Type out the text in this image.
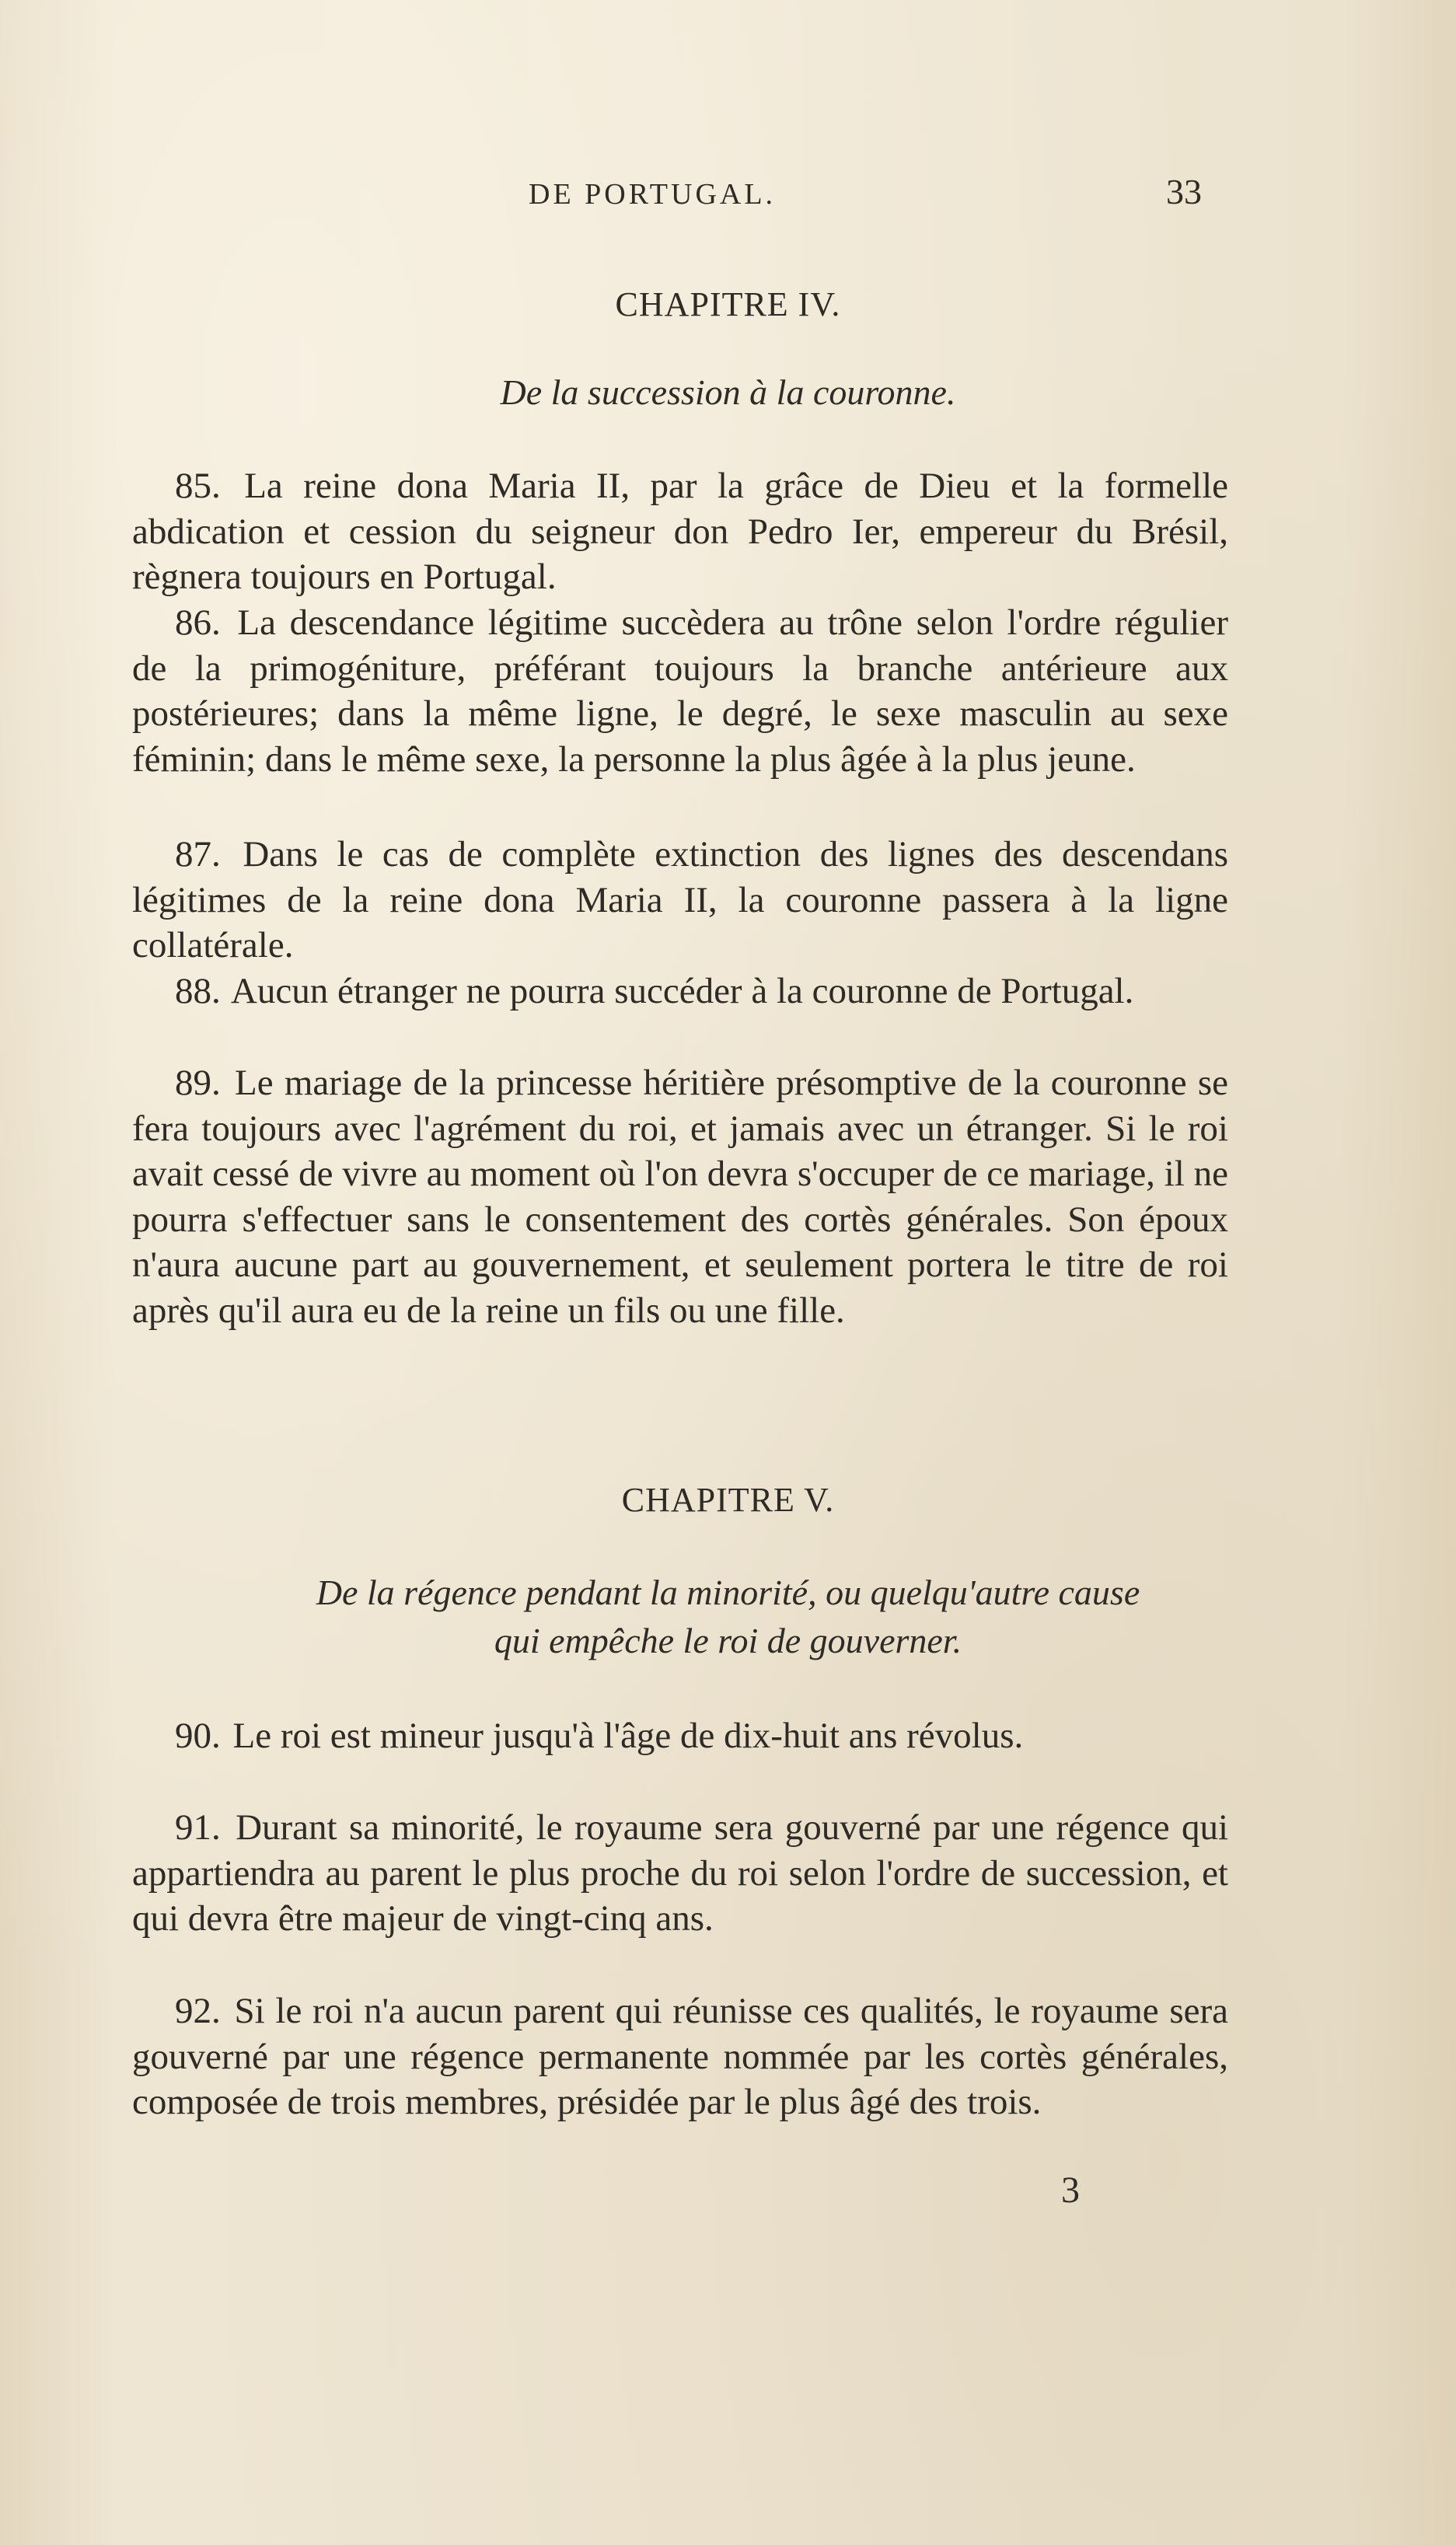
DE PORTUGAL.	33
CHAPITRE IV.
De la succession à la couronne.

85. La reine dona Maria II, par la grâce de Dieu et la formelle abdication et cession du seigneur don Pedro Ier, empereur du Brésil, règnera toujours en Portugal.

86. La descendance légitime succèdera au trône selon l'ordre régulier de la primogéniture, préférant toujours la branche antérieure aux postérieures; dans la même ligne, le degré, le sexe masculin au sexe féminin; dans le même sexe, la personne la plus âgée à la plus jeune.

87. Dans le cas de complète extinction des lignes des descendans légitimes de la reine dona Maria II, la couronne passera à la ligne collatérale.

88. Aucun étranger ne pourra succéder à la couronne de Portugal.

89. Le mariage de la princesse héritière présomptive de la couronne se fera toujours avec l'agrément du roi, et jamais avec un étranger. Si le roi avait cessé de vivre au moment où l'on devra s'occuper de ce mariage, il ne pourra s'effectuer sans le consentement des cortès générales. Son époux n'aura aucune part au gouvernement, et seulement portera le titre de roi après qu'il aura eu de la reine un fils ou une fille.

CHAPITRE V.
De la régence pendant la minorité, ou quelqu'autre cause
qui empêche le roi de gouverner.

90. Le roi est mineur jusqu'à l'âge de dix-huit ans révolus.

91. Durant sa minorité, le royaume sera gouverné par une régence qui appartiendra au parent le plus proche du roi selon l'ordre de succession, et qui devra être majeur de vingt-cinq ans.

92. Si le roi n'a aucun parent qui réunisse ces qualités, le royaume sera gouverné par une régence permanente nommée par les cortès générales, composée de trois membres, présidée par le plus âgé des trois.

3
